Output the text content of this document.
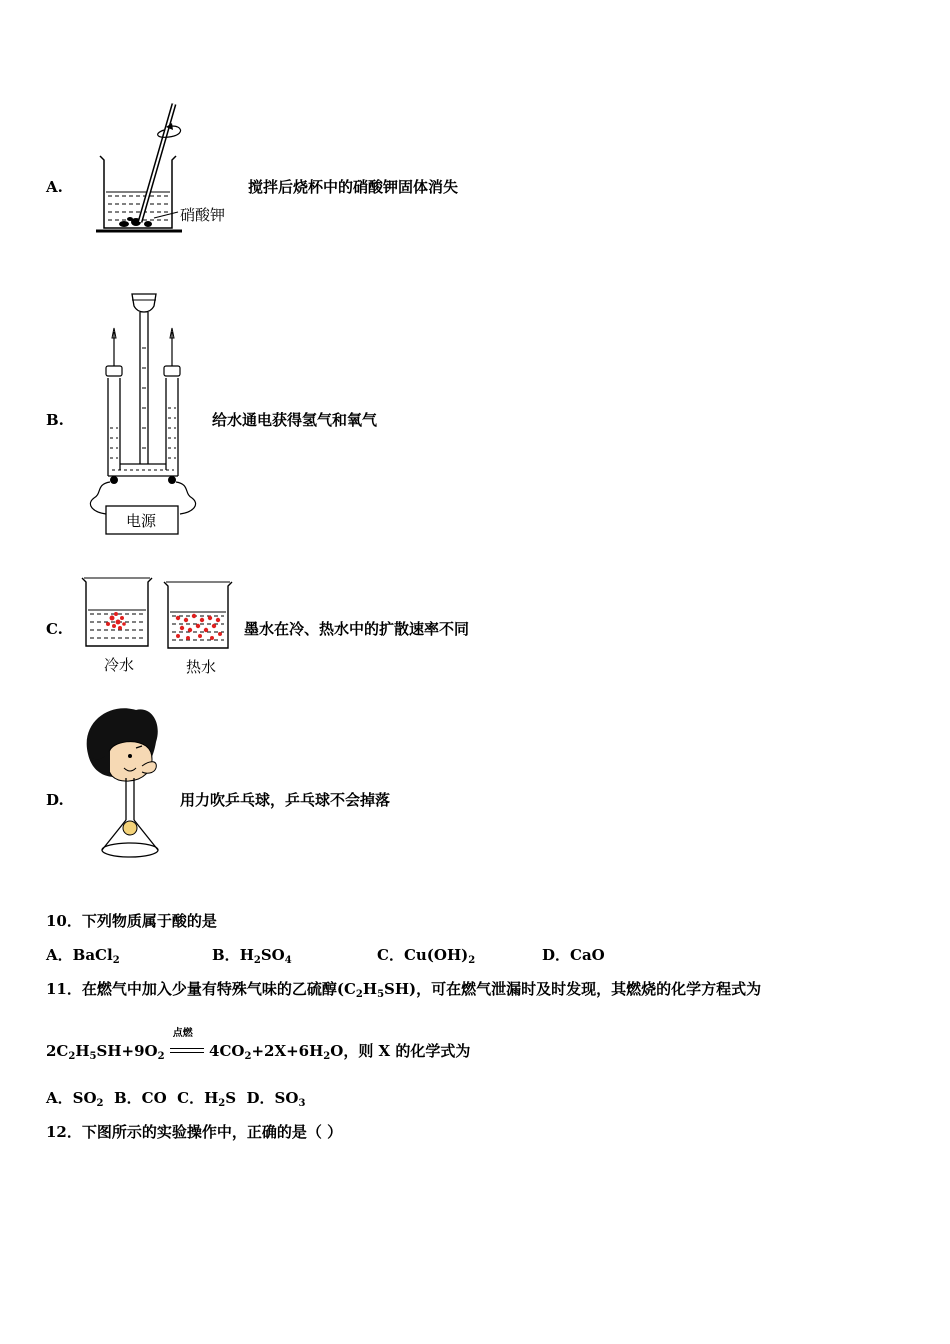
A.
硝酸钾
搅拌后烧杯中的硝酸钾固体消失
B.
电源
给水通电获得氢气和氧气
C.
冷水	热水
墨水在冷、热水中的扩散速率不同
D.	用力吹乒乓球，乒乓球不会掉落
10．下列物质属于酸的是
A．BaCl$_2$	B．$H_2SO_4$	C．$Cu(OH)_2$	D．CaO
11．在燃气中加入少量有特殊气味的乙硫醇$(C_2H_5SH)$，可在燃气泄漏时及时发现，其燃烧的化学方程式为
$2C_2H_5SH+9O_2$
点燃
$4CO_2+2X+6H_2O$，则 X 的化学式为
A．$SO_2$ B．CO C．$H_2S$ D．$SO_3$
12．下图所示的实验操作中，正确的是（ ）
